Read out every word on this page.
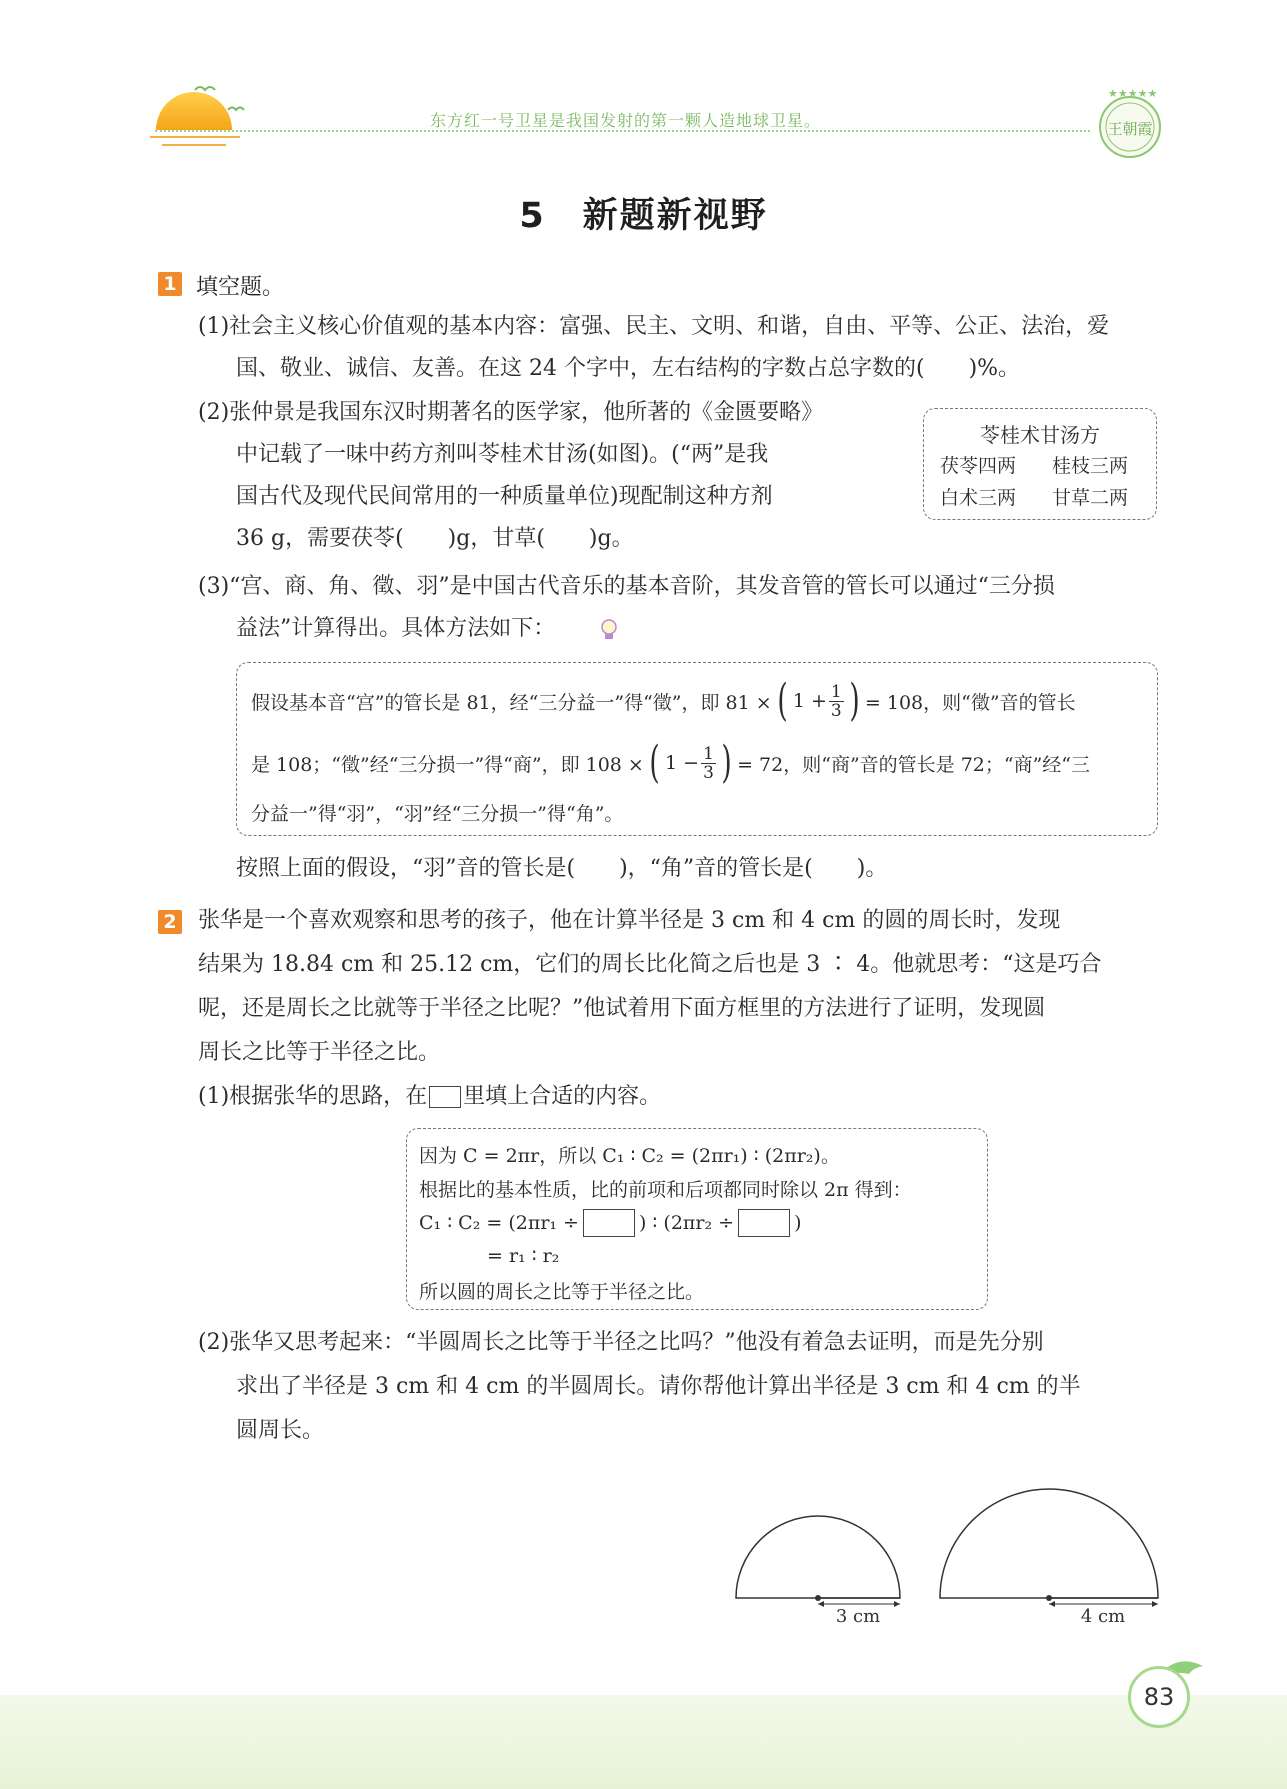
东方红一号卫星是我国发射的第一颗人造地球卫星。
★★★★★
王朝霞
5　新题新视野
1 填空题。
(1)社会主义核心价值观的基本内容：富强、民主、文明、和谐，自由、平等、公正、法治，爱
国、敬业、诚信、友善。在这 24 个字中，左右结构的字数占总字数的(　　)%。
(2)张仲景是我国东汉时期著名的医学家，他所著的《金匮要略》
中记载了一味中药方剂叫苓桂术甘汤(如图)。(“两”是我
国古代及现代民间常用的一种质量单位)现配制这种方剂
36 g，需要茯苓(　　)g，甘草(　　)g。
苓桂术甘汤方
茯苓四两 桂枝三两
白术三两 甘草二两
(3)“宫、商、角、徵、羽”是中国古代音乐的基本音阶，其发音管的管长可以通过“三分损
益法”计算得出。具体方法如下：
假设基本音“宫”的管长是 81，经“三分益一”得“徵”，即 81 × ( $1 + \frac{1}{3}$ ) = 108，则“徵”音的管长
是 108；“徵”经“三分损一”得“商”，即 108 × ( $1 - \frac{1}{3}$ ) = 72，则“商”音的管长是 72；“商”经“三
分益一”得“羽”，“羽”经“三分损一”得“角”。
按照上面的假设，“羽”音的管长是(　　)，“角”音的管长是(　　)。
2 张华是一个喜欢观察和思考的孩子，他在计算半径是 3 cm 和 4 cm 的圆的周长时，发现
结果为 18.84 cm 和 25.12 cm，它们的周长比化简之后也是 3 ∶ 4。他就思考：“这是巧合
呢，还是周长之比就等于半径之比呢？”他试着用下面方框里的方法进行了证明，发现圆
周长之比等于半径之比。
(1)根据张华的思路，在 里填上合适的内容。
因为 C = 2πr，所以 C₁ ∶ C₂ = (2πr₁) ∶ (2πr₂)。
根据比的基本性质，比的前项和后项都同时除以 2π 得到：
C₁ ∶ C₂ = (2πr₁ ÷	) ∶ (2πr₂ ÷	)
= r₁ ∶ r₂
所以圆的周长之比等于半径之比。
(2)张华又思考起来：“半圆周长之比等于半径之比吗？”他没有着急去证明，而是先分别
求出了半径是 3 cm 和 4 cm 的半圆周长。请你帮他计算出半径是 3 cm 和 4 cm 的半
圆周长。
3 cm	4 cm
83
